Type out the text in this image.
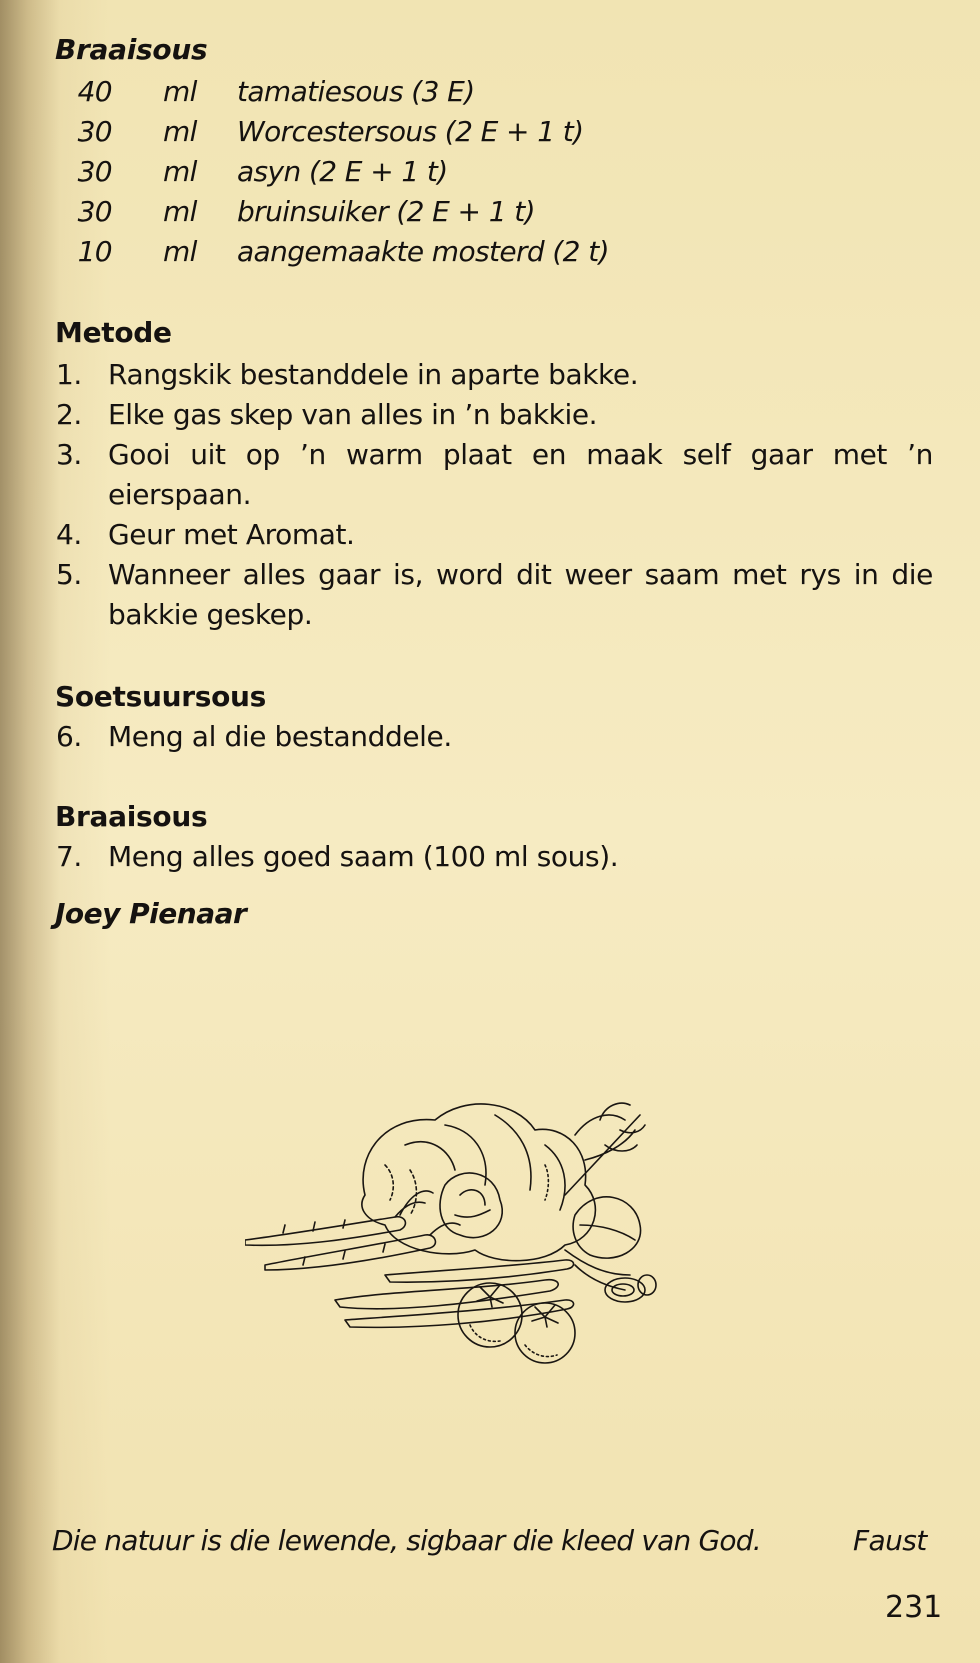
Braaisous
40 ml tamatiesous (3 E)
30 ml Worcestersous (2 E + 1 t)
30 ml asyn (2 E + 1 t)
30 ml bruinsuiker (2 E + 1 t)
10 ml aangemaakte mosterd (2 t)
Metode
1. Rangskik bestanddele in aparte bakke.
2. Elke gas skep van alles in ’n bakkie.
3. Gooi uit op ’n warm plaat en maak self gaar met ’n
eierspaan.
4. Geur met Aromat.
5. Wanneer alles gaar is, word dit weer saam met rys in die
bakkie geskep.
Soetsuursous
6. Meng al die bestanddele.
Braaisous
7. Meng alles goed saam (100 ml sous).
Joey Pienaar
Die natuur is die lewende, sigbaar die kleed van God.	Faust
231
